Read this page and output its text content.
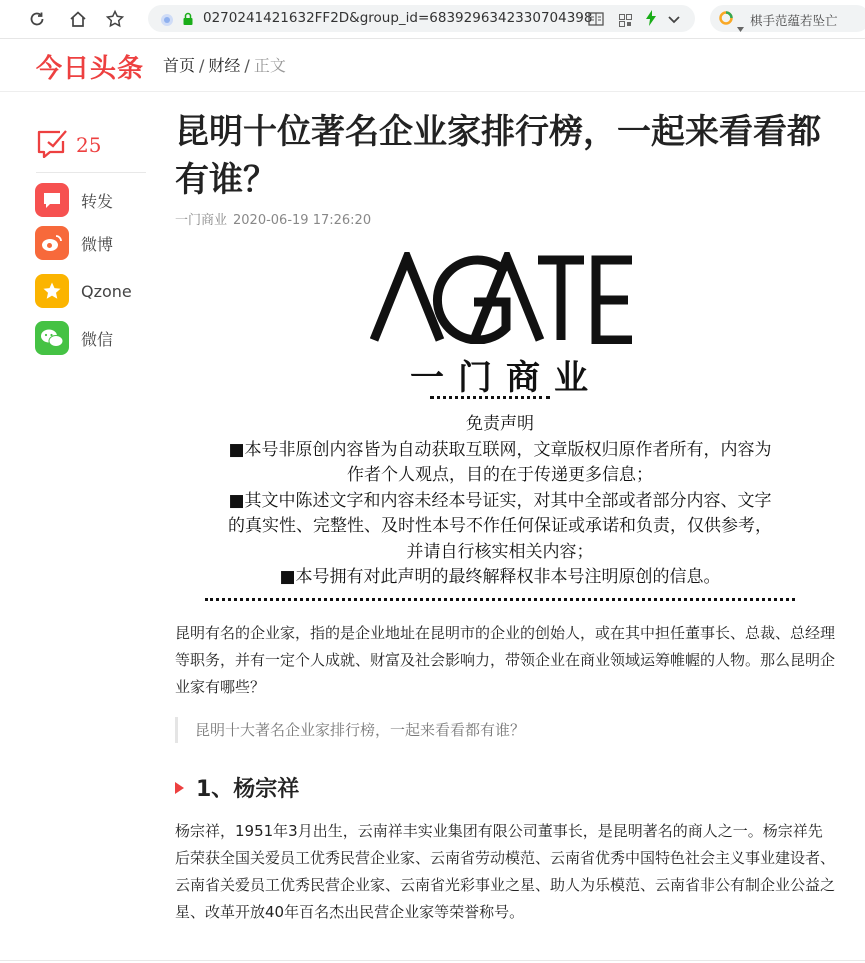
0270241421632FF2D&group_id=6839296342330704398	棋手范蕴若坠亡
今日头条 首页 / 财经 / 正文
25
转发
微博
Qzone
微信
昆明十位著名企业家排行榜，一起来看看都有谁？
一门商业 2020-06-19 17:26:20
AGATE
一门商业

免责声明

■本号非原创内容皆为自动获取互联网，文章版权归原作者所有，内容为

作者个人观点，目的在于传递更多信息；

■其文中陈述文字和内容未经本号证实，对其中全部或者部分内容、文字

的真实性、完整性、及时性本号不作任何保证或承诺和负责，仅供参考，

并请自行核实相关内容；

■本号拥有对此声明的最终解释权非本号注明原创的信息。

昆明有名的企业家，指的是企业地址在昆明市的企业的创始人，或在其中担任董事长、总裁、总经理等职务，并有一定个人成就、财富及社会影响力，带领企业在商业领域运筹帷幄的人物。那么昆明企业家有哪些？

昆明十大著名企业家排行榜，一起来看看都有谁？
1、杨宗祥

杨宗祥，1951年3月出生，云南祥丰实业集团有限公司董事长，是昆明著名的商人之一。杨宗祥先后荣获全国关爱员工优秀民营企业家、云南省劳动模范、云南省优秀中国特色社会主义事业建设者、云南省关爱员工优秀民营企业家、云南省光彩事业之星、助人为乐模范、云南省非公有制企业公益之星、改革开放40年百名杰出民营企业家等荣誉称号。
